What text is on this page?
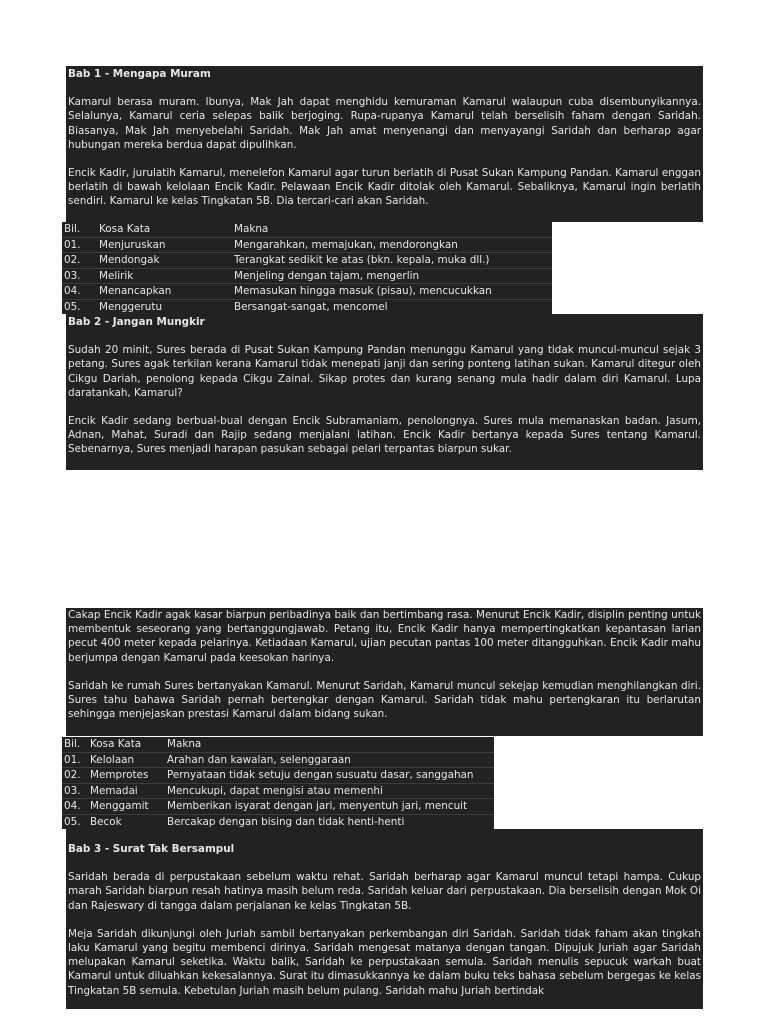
Bab 1 - Mengapa Muram

Kamarul berasa muram. Ibunya, Mak Jah dapat menghidu kemuraman Kamarul walaupun cuba disembunyikannya. Selalunya, Kamarul ceria selepas balik berjoging. Rupa-rupanya Kamarul telah berselisih faham dengan Saridah. Biasanya, Mak Jah menyebelahi Saridah. Mak Jah amat menyenangi dan menyayangi Saridah dan berharap agar hubungan mereka berdua dapat dipulihkan.

Encik Kadir, jurulatih Kamarul, menelefon Kamarul agar turun berlatih di Pusat Sukan Kampung Pandan. Kamarul enggan berlatih di bawah kelolaan Encik Kadir. Pelawaan Encik Kadir ditolak oleh Kamarul. Sebaliknya, Kamarul ingin berlatih sendiri. Kamarul ke kelas Tingkatan 5B. Dia tercari-cari akan Saridah.

Bil.	Kosa Kata	Makna
01.	Menjuruskan	Mengarahkan, memajukan, mendorongkan
02.	Mendongak	Terangkat sedikit ke atas (bkn. kepala, muka dll.)
03.	Melirik	Menjeling dengan tajam, mengerlin
04.	Menancapkan	Memasukan hingga masuk (pisau), mencucukkan
05.	Menggerutu	Bersangat-sangat, mencomel

Bab 2 - Jangan Mungkir

Sudah 20 minit, Sures berada di Pusat Sukan Kampung Pandan menunggu Kamarul yang tidak muncul-muncul sejak 3 petang. Sures agak terkilan kerana Kamarul tidak menepati janji dan sering ponteng latihan sukan. Kamarul ditegur oleh Cikgu Dariah, penolong kepada Cikgu Zainal. Sikap protes dan kurang senang mula hadir dalam diri Kamarul. Lupa daratankah, Kamarul?

Encik Kadir sedang berbual-bual dengan Encik Subramaniam, penolongnya. Sures mula memanaskan badan. Jasum, Adnan, Mahat, Suradi dan Rajip sedang menjalani latihan. Encik Kadir bertanya kepada Sures tentang Kamarul. Sebenarnya, Sures menjadi harapan pasukan sebagai pelari terpantas biarpun sukar.

Cakap Encik Kadir agak kasar biarpun peribadinya baik dan bertimbang rasa. Menurut Encik Kadir, disiplin penting untuk membentuk seseorang yang bertanggungjawab. Petang itu, Encik Kadir hanya mempertingkatkan kepantasan larian pecut 400 meter kepada pelarinya. Ketiadaan Kamarul, ujian pecutan pantas 100 meter ditangguhkan. Encik Kadir mahu berjumpa dengan Kamarul pada keesokan harinya.

Saridah ke rumah Sures bertanyakan Kamarul. Menurut Saridah, Kamarul muncul sekejap kemudian menghilangkan diri. Sures tahu bahawa Saridah pernah bertengkar dengan Kamarul. Saridah tidak mahu pertengkaran itu berlarutan sehingga menjejaskan prestasi Kamarul dalam bidang sukan.

Bil.	Kosa Kata	Makna
01.	Kelolaan	Arahan dan kawalan, selenggaraan
02.	Memprotes	Pernyataan tidak setuju dengan susuatu dasar, sanggahan
03.	Memadai	Mencukupi, dapat mengisi atau memenhi
04.	Menggamit	Memberikan isyarat dengan jari, menyentuh jari, mencuit
05.	Becok	Bercakap dengan bising dan tidak henti-henti

Bab 3 - Surat Tak Bersampul

Saridah berada di perpustakaan sebelum waktu rehat. Saridah berharap agar Kamarul muncul tetapi hampa. Cukup marah Saridah biarpun resah hatinya masih belum reda. Saridah keluar dari perpustakaan. Dia berselisih dengan Mok Oi dan Rajeswary di tangga dalam perjalanan ke kelas Tingkatan 5B.

Meja Saridah dikunjungi oleh Juriah sambil bertanyakan perkembangan diri Saridah. Saridah tidak faham akan tingkah laku Kamarul yang begitu membenci dirinya. Saridah mengesat matanya dengan tangan. Dipujuk Juriah agar Saridah melupakan Kamarul seketika. Waktu balik, Saridah ke perpustakaan semula. Saridah menulis sepucuk warkah buat Kamarul untuk diluahkan kekesalannya. Surat itu dimasukkannya ke dalam buku teks bahasa sebelum bergegas ke kelas Tingkatan 5B semula. Kebetulan Juriah masih belum pulang. Saridah mahu Juriah bertindak
